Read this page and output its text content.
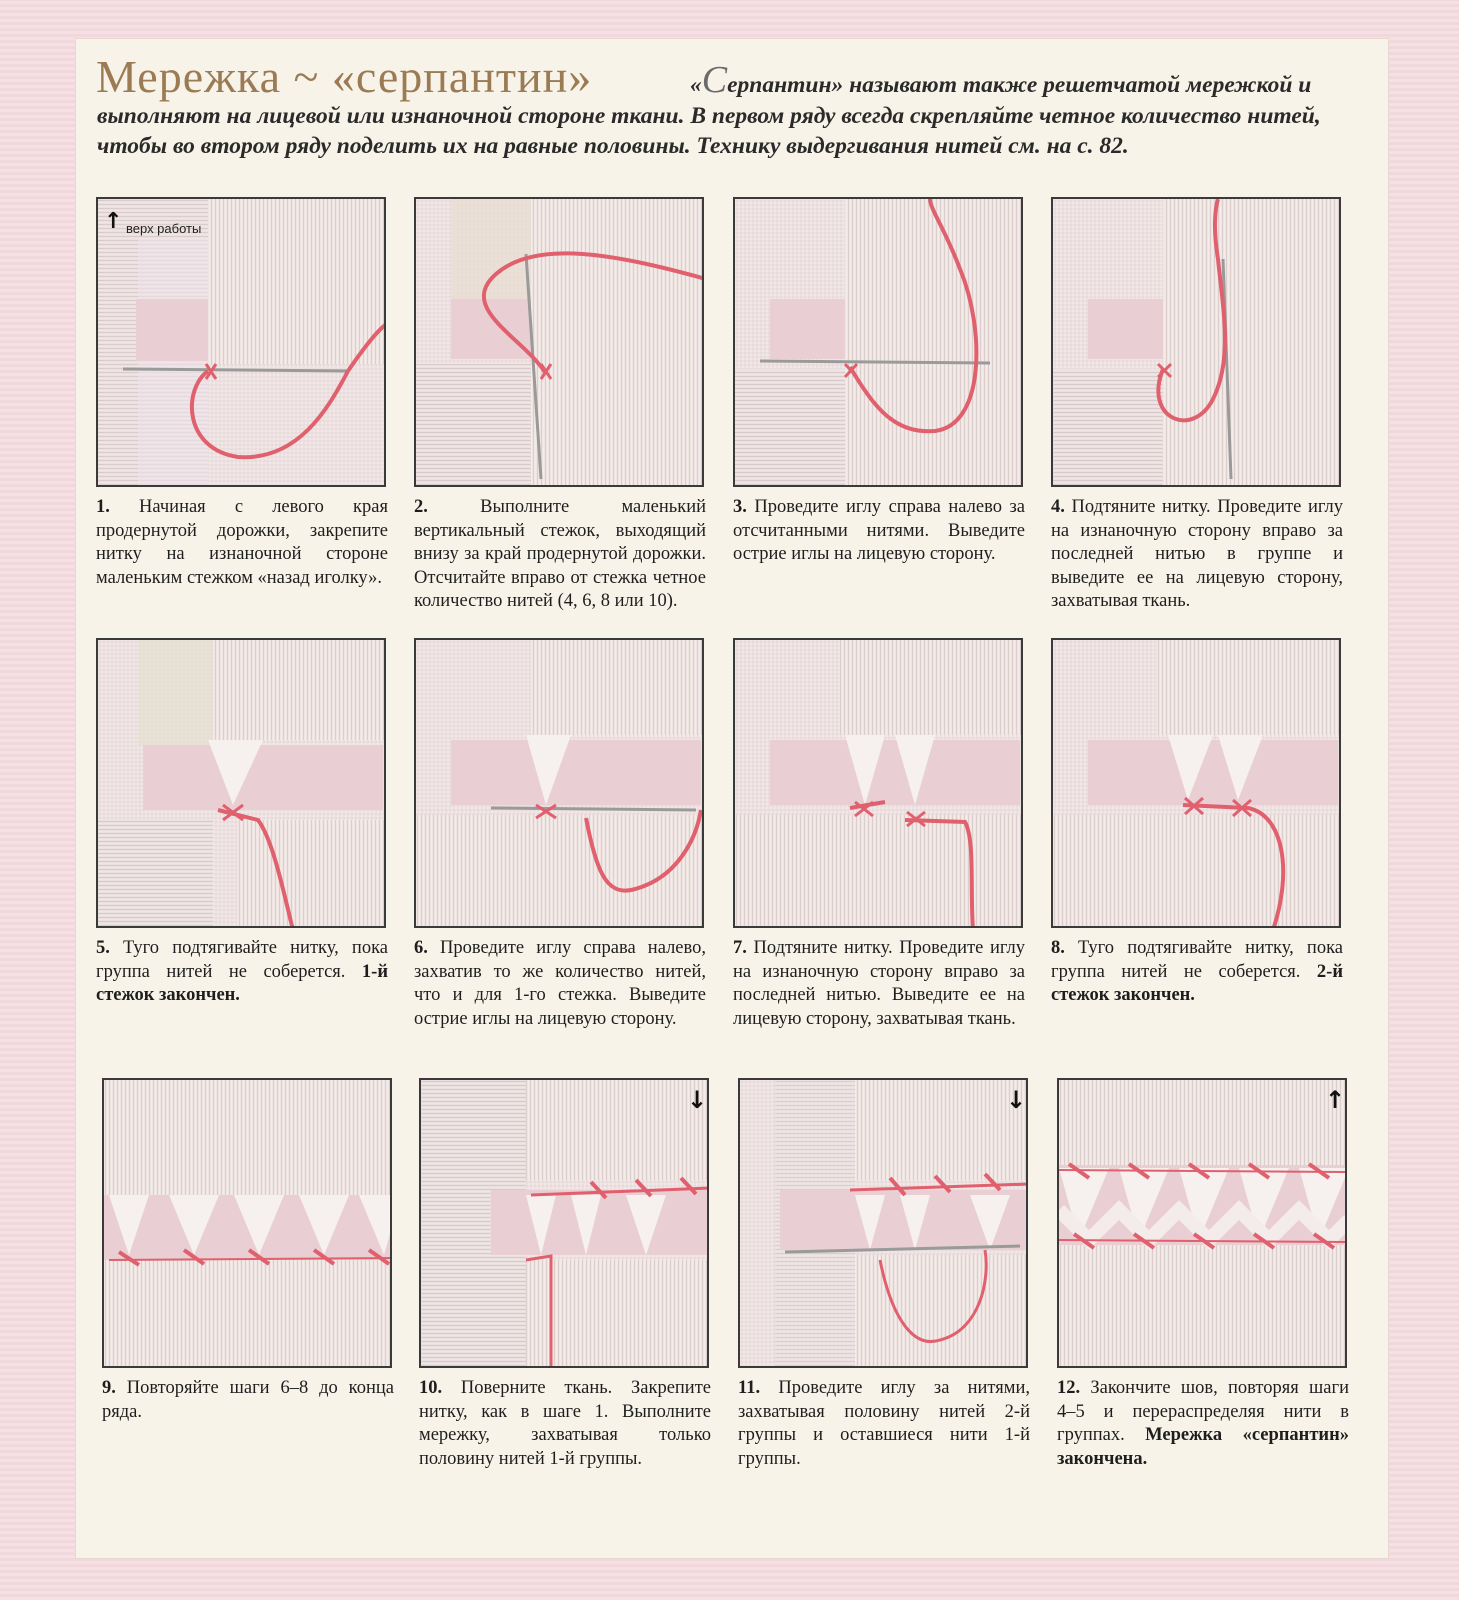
Мережка ~ «серпантин»	«Серпантин» называют также решетчатой мережкой и выполняют на лицевой или изнаночной стороне ткани. В первом ряду всегда скрепляйте четное количество нитей, чтобы во втором ряду поделить их на равные половины. Технику выдергивания нитей см. на с. 82.

↑ верх работы

1. Начиная с левого края продернутой дорожки, закрепите нитку на изнаночной стороне маленьким стежком «назад иголку».

2.	Выполните маленький вертикальный стежок, выходящий внизу за край продернутой дорожки. Отсчитайте вправо от стежка четное количество нитей (4, 6, 8 или 10).

3. Проведите иглу справа налево за отсчитанными нитями. Выведите острие иглы на лицевую сторону.

4. Подтяните нитку. Проведите иглу на изнаночную сторону вправо за последней нитью в группе и выведите ее на лицевую сторону, захватывая ткань.

5. Туго подтягивайте нитку, пока группа нитей не соберется. 1-й стежок закончен.

6. Проведите иглу справа налево, захватив то же количество нитей, что и для 1-го стежка. Выведите острие иглы на лицевую сторону.

7. Подтяните нитку. Проведите иглу на изнаночную сторону вправо за последней нитью. Выведите ее на лицевую сторону, захватывая ткань.

8. Туго подтягивайте нитку, пока группа нитей не соберется. 2-й стежок закончен.

↓	↓	↑

9. Повторяйте шаги 6–8 до конца ряда.

10. Поверните ткань. Закрепите нитку, как в шаге 1. Выполните мережку, захватывая только половину нитей 1-й группы.

11. Проведите иглу за нитями, захватывая половину нитей 2-й группы и оставшиеся нити 1-й группы.

12. Закончите шов, повторяя шаги 4–5 и перераспределяя нити в группах. Мережка «серпантин» закончена.
